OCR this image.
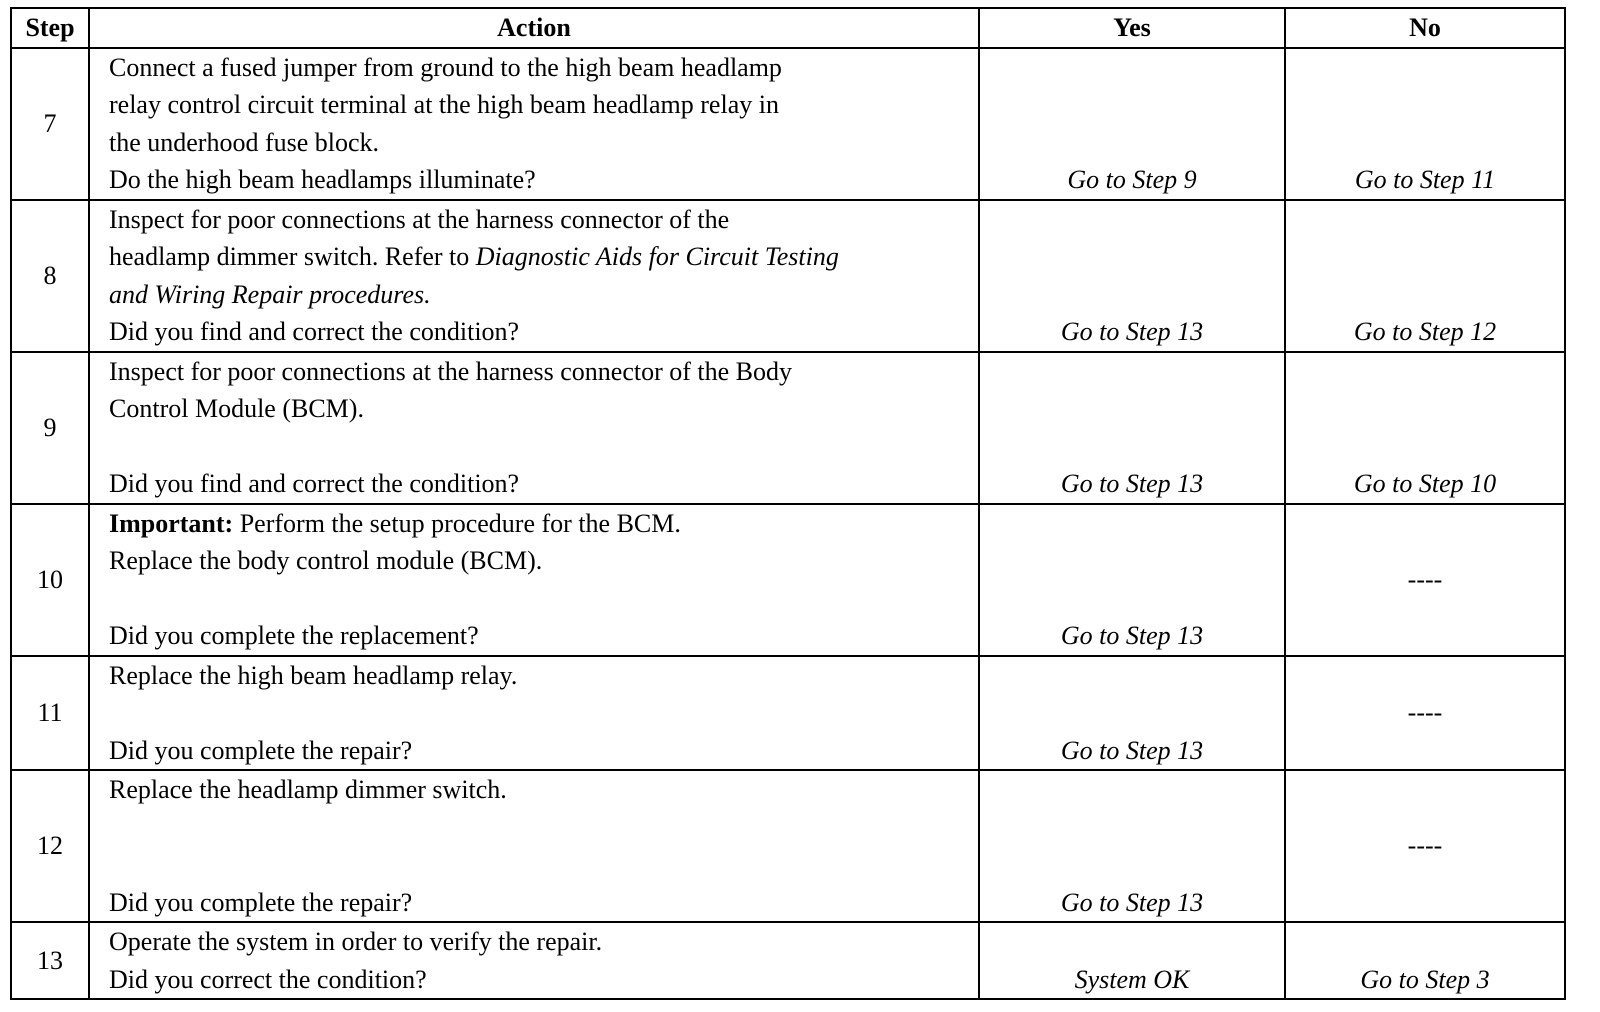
Step	Action	Yes	No
7	Connect a fused jumper from ground to the high beam headlamp
relay control circuit terminal at the high beam headlamp relay in
the underhood fuse block.
Do the high beam headlamps illuminate?	Go to Step 9	Go to Step 11
8	Inspect for poor connections at the harness connector of the
headlamp dimmer switch. Refer to Diagnostic Aids for Circuit Testing
and Wiring Repair procedures.
Did you find and correct the condition?	Go to Step 13	Go to Step 12
9	Inspect for poor connections at the harness connector of the Body
Control Module (BCM).
Did you find and correct the condition?	Go to Step 13	Go to Step 10
10	Important: Perform the setup procedure for the BCM.
Replace the body control module (BCM).
Did you complete the replacement?	Go to Step 13	----
11	Replace the high beam headlamp relay.
Did you complete the repair?	Go to Step 13	----
12	Replace the headlamp dimmer switch.
Did you complete the repair?	Go to Step 13	----
13	Operate the system in order to verify the repair.
Did you correct the condition?	System OK	Go to Step 3
